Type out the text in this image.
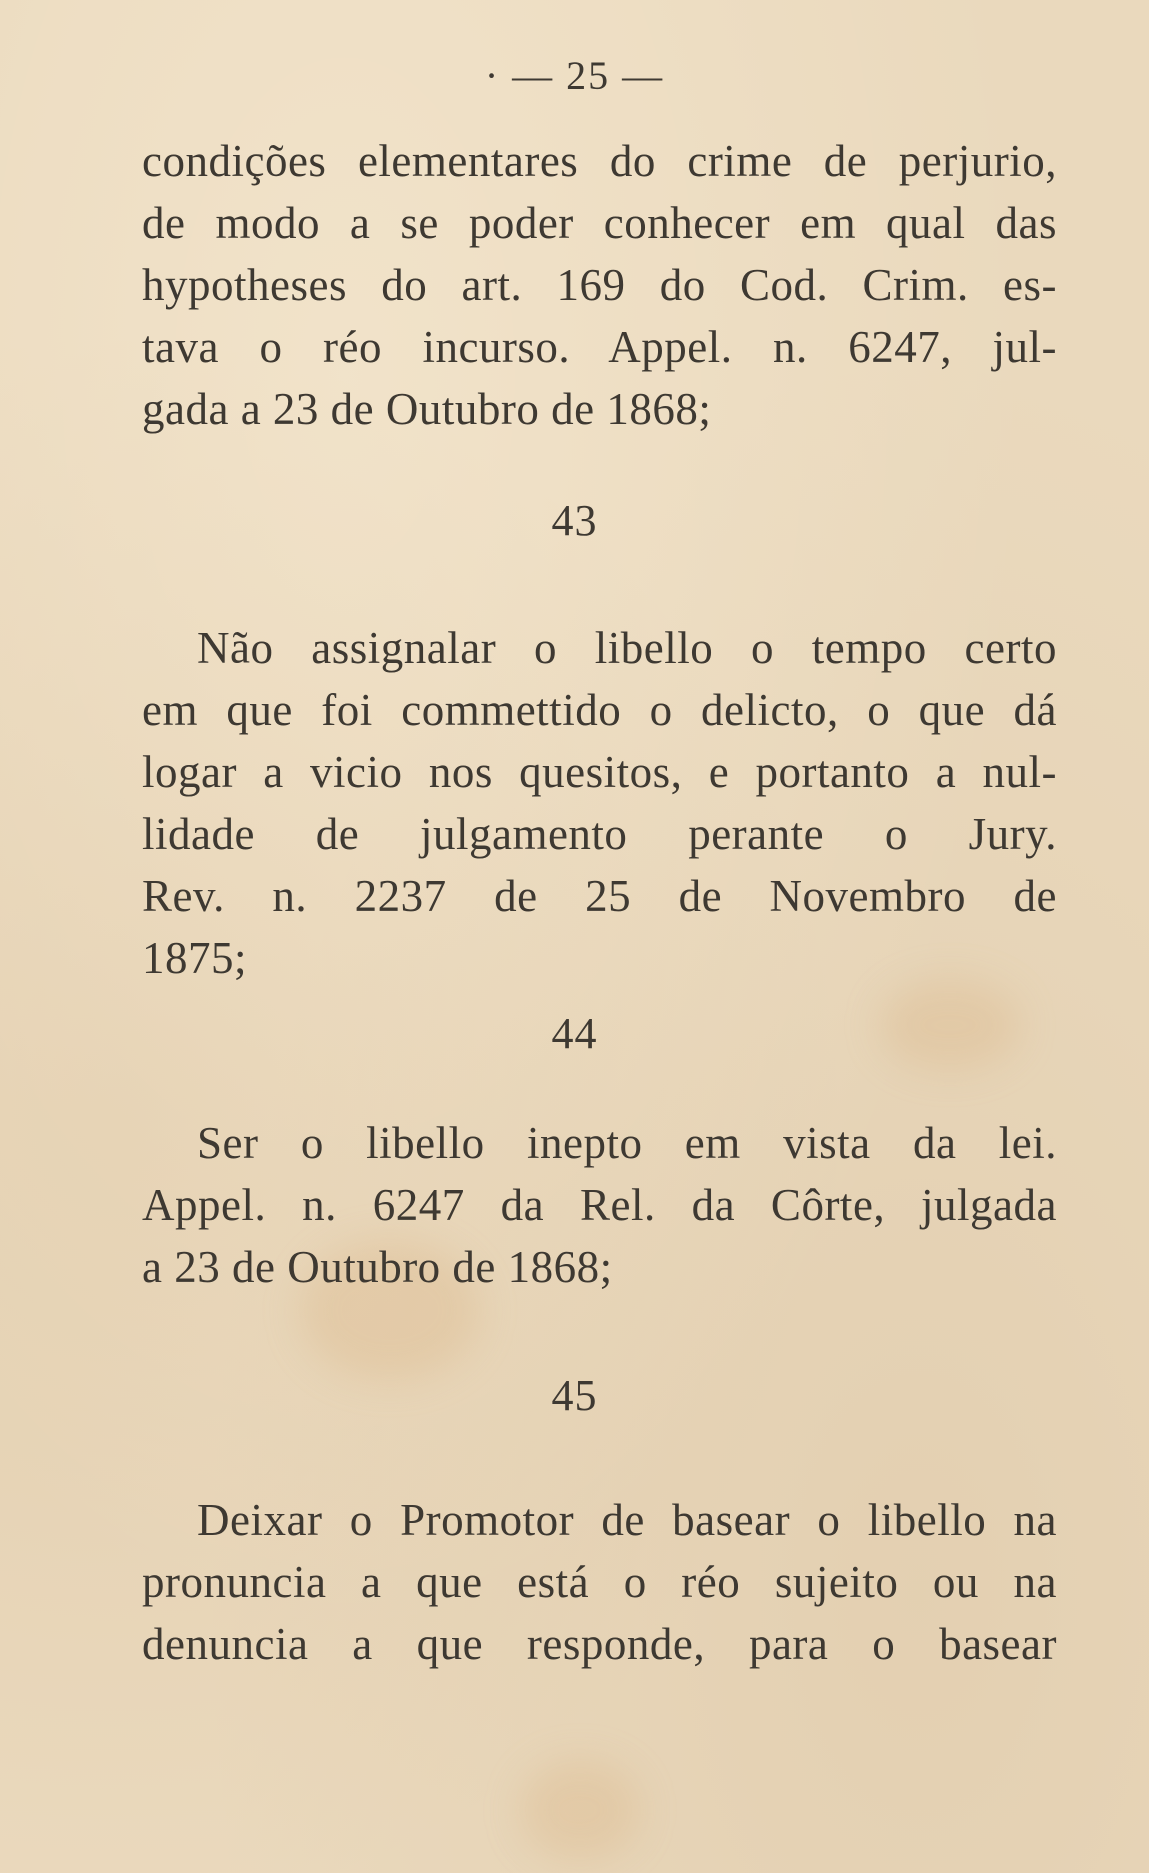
· — 25 —
condições elementares do crime de perjurio,
de modo a se poder conhecer em qual das
hypotheses do art. 169 do Cod. Crim. es-
tava o réo incurso. Appel. n. 6247, jul-
gada a 23 de Outubro de 1868;
43
Não assignalar o libello o tempo certo
em que foi commettido o delicto, o que dá
logar a vicio nos quesitos, e portanto a nul-
lidade de julgamento perante o Jury.
Rev. n. 2237 de 25 de Novembro de
1875;
44
Ser o libello inepto em vista da lei.
Appel. n. 6247 da Rel. da Côrte, julgada
a 23 de Outubro de 1868;
45
Deixar o Promotor de basear o libello na
pronuncia a que está o réo sujeito ou na
denuncia a que responde, para o basear
